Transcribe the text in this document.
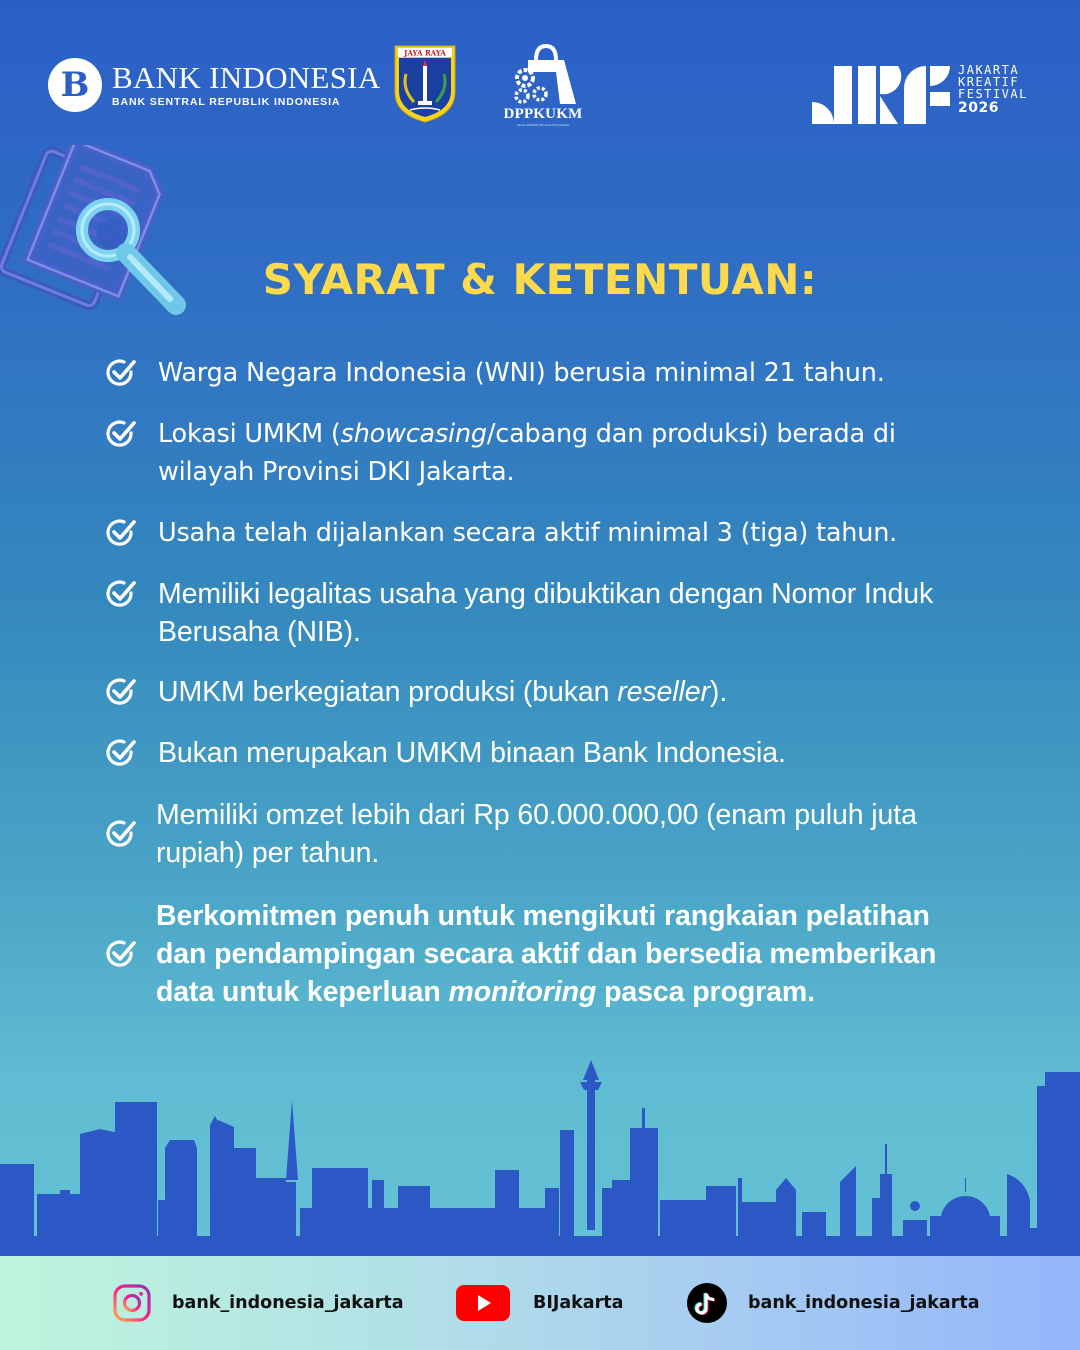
B BANK INDONESIA
BANK SENTRAL REPUBLIK INDONESIA
JAYA RAYA
DPPKUKM
Dinas PPKUKM Provinsi DKI Jakarta
JAKARTA
KREATIF
FESTIVAL
2026
SYARAT & KETENTUAN:
Warga Negara Indonesia (WNI) berusia minimal 21 tahun.
Lokasi UMKM (showcasing/cabang dan produksi) berada di wilayah Provinsi DKI Jakarta.
Usaha telah dijalankan secara aktif minimal 3 (tiga) tahun.
Memiliki legalitas usaha yang dibuktikan dengan Nomor Induk Berusaha (NIB).
UMKM berkegiatan produksi (bukan reseller).
Bukan merupakan UMKM binaan Bank Indonesia.
Memiliki omzet lebih dari Rp 60.000.000,00 (enam puluh juta rupiah) per tahun.
Berkomitmen penuh untuk mengikuti rangkaian pelatihan dan pendampingan secara aktif dan bersedia memberikan data untuk keperluan monitoring pasca program.
bank_indonesia_jakarta	BIJakarta	bank_indonesia_jakarta
